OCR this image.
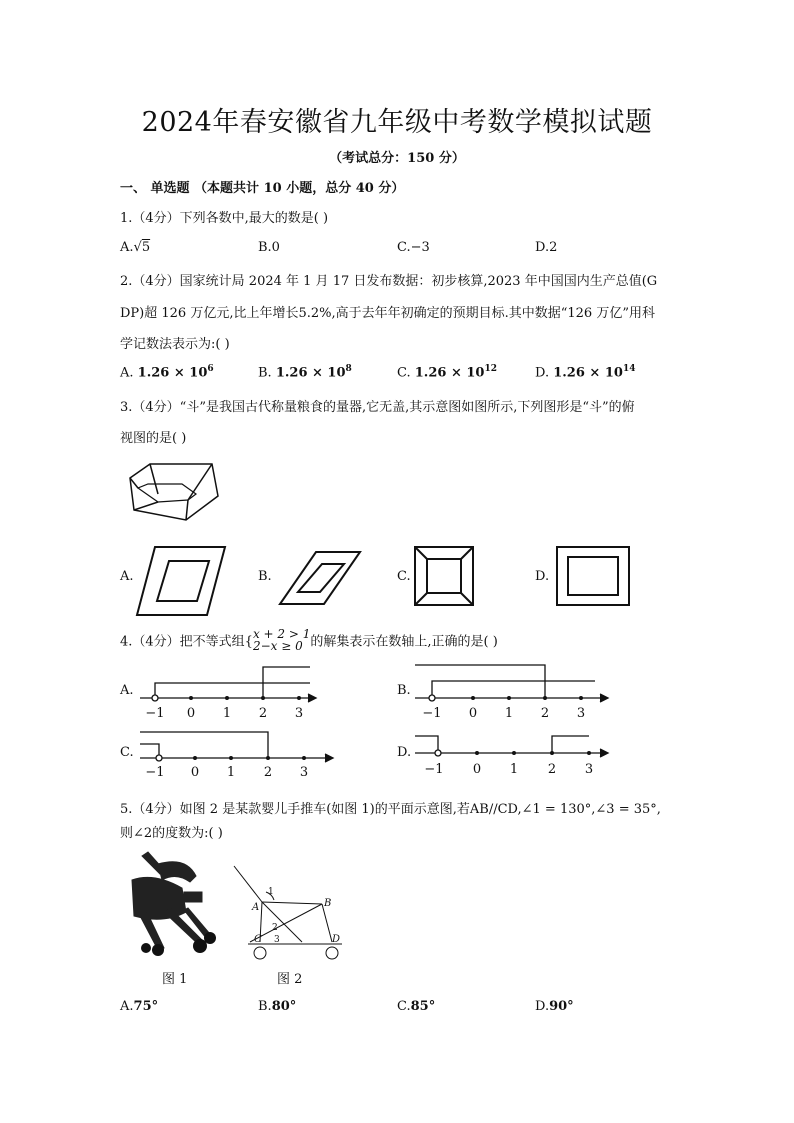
2024年春安徽省九年级中考数学模拟试题
（考试总分：150 分）
一、 单选题 （本题共计 10 小题，总分 40 分）
1.（4分）下列各数中,最大的数是( )
A.√5	B.0	C.−3	D.2
2.（4分）国家统计局 2024 年 1 月 17 日发布数据：初步核算,2023 年中国国内生产总值(G
DP)超 126 万亿元,比上年增长5.2%,高于去年年初确定的预期目标.其中数据“126 万亿”用科
学记数法表示为:( )
A. $1.26 \times 10^6$	B. $1.26 \times 10^8$	C. $1.26 \times 10^{12}$	D. $1.26 \times 10^{14}$
3.（4分）“斗”是我国古代称量粮食的量器,它无盖,其示意图如图所示,下列图形是“斗”的俯
视图的是( )
A.	B.	C.	D.
4.（4分）把不等式组{
x + 2 > 1
2−x ≥ 0 的解集表示在数轴上,正确的是( )
A.
−1 0 1 2 3
B.
−1 0 1 2 3
C.
−1 0 1 2 3
D.
−1 0 1 2 3
5.（4分）如图 2 是某款婴儿手推车(如图 1)的平面示意图,若AB//CD,∠1 = 130°,∠3 = 35°,
则∠2的度数为:( )
图 1
A	B
C	D
1
2
3
图 2
A.75°	B.80°	C.85°	D.90°
